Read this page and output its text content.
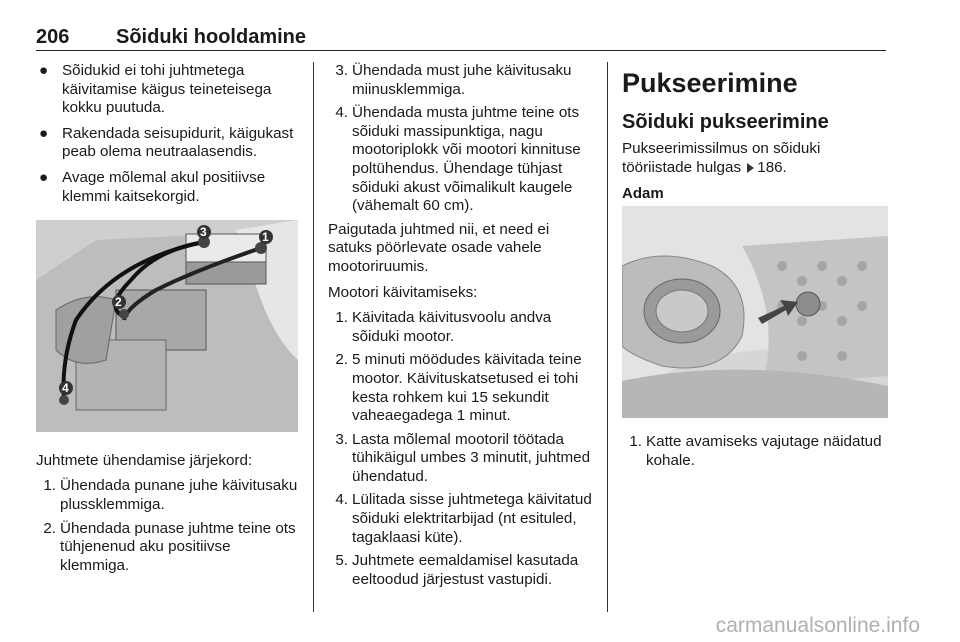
206 Sõiduki hooldamine
● Sõidukid ei tohi juhtmetega käivitamise käigus teineteisega kokku puutuda.
● Rakendada seisupidurit, käigukast peab olema neutraalasendis.
● Avage mõlemal akul positiivse klemmi kaitsekorgid.
3	1
2
4
Juhtmete ühendamise järjekord:
1. Ühendada punane juhe käivitusaku plussklemmiga.
2. Ühendada punase juhtme teine ots tühjenenud aku positiivse klemmiga.
3. Ühendada must juhe käivitusaku miinusklemmiga.
4. Ühendada musta juhtme teine ots sõiduki massipunktiga, nagu mootoriplokk või mootori kinnituse poltühendus. Ühendage tühjast sõiduki akust võimalikult kaugele (vähemalt 60 cm).
Paigutada juhtmed nii, et need ei satuks pöörlevate osade vahele mootoriruumis.
Mootori käivitamiseks:
1. Käivitada käivitusvoolu andva sõiduki mootor.
2. 5 minuti möödudes käivitada teine mootor. Käivituskatsetused ei tohi kesta rohkem kui 15 sekundit vaheaegadega 1 minut.
3. Lasta mõlemal mootoril töötada tühikäigul umbes 3 minutit, juhtmed ühendatud.
4. Lülitada sisse juhtmetega käivitatud sõiduki elektritarbijad (nt esituled, tagaklaasi küte).
5. Juhtmete eemaldamisel kasutada eeltoodud järjestust vastupidi.
Pukseerimine
Sõiduki pukseerimine
Pukseerimissilmus on sõiduki tööriistade hulgas 186.
Adam
1. Katte avamiseks vajutage näidatud kohale.
carmanualsonline.info
